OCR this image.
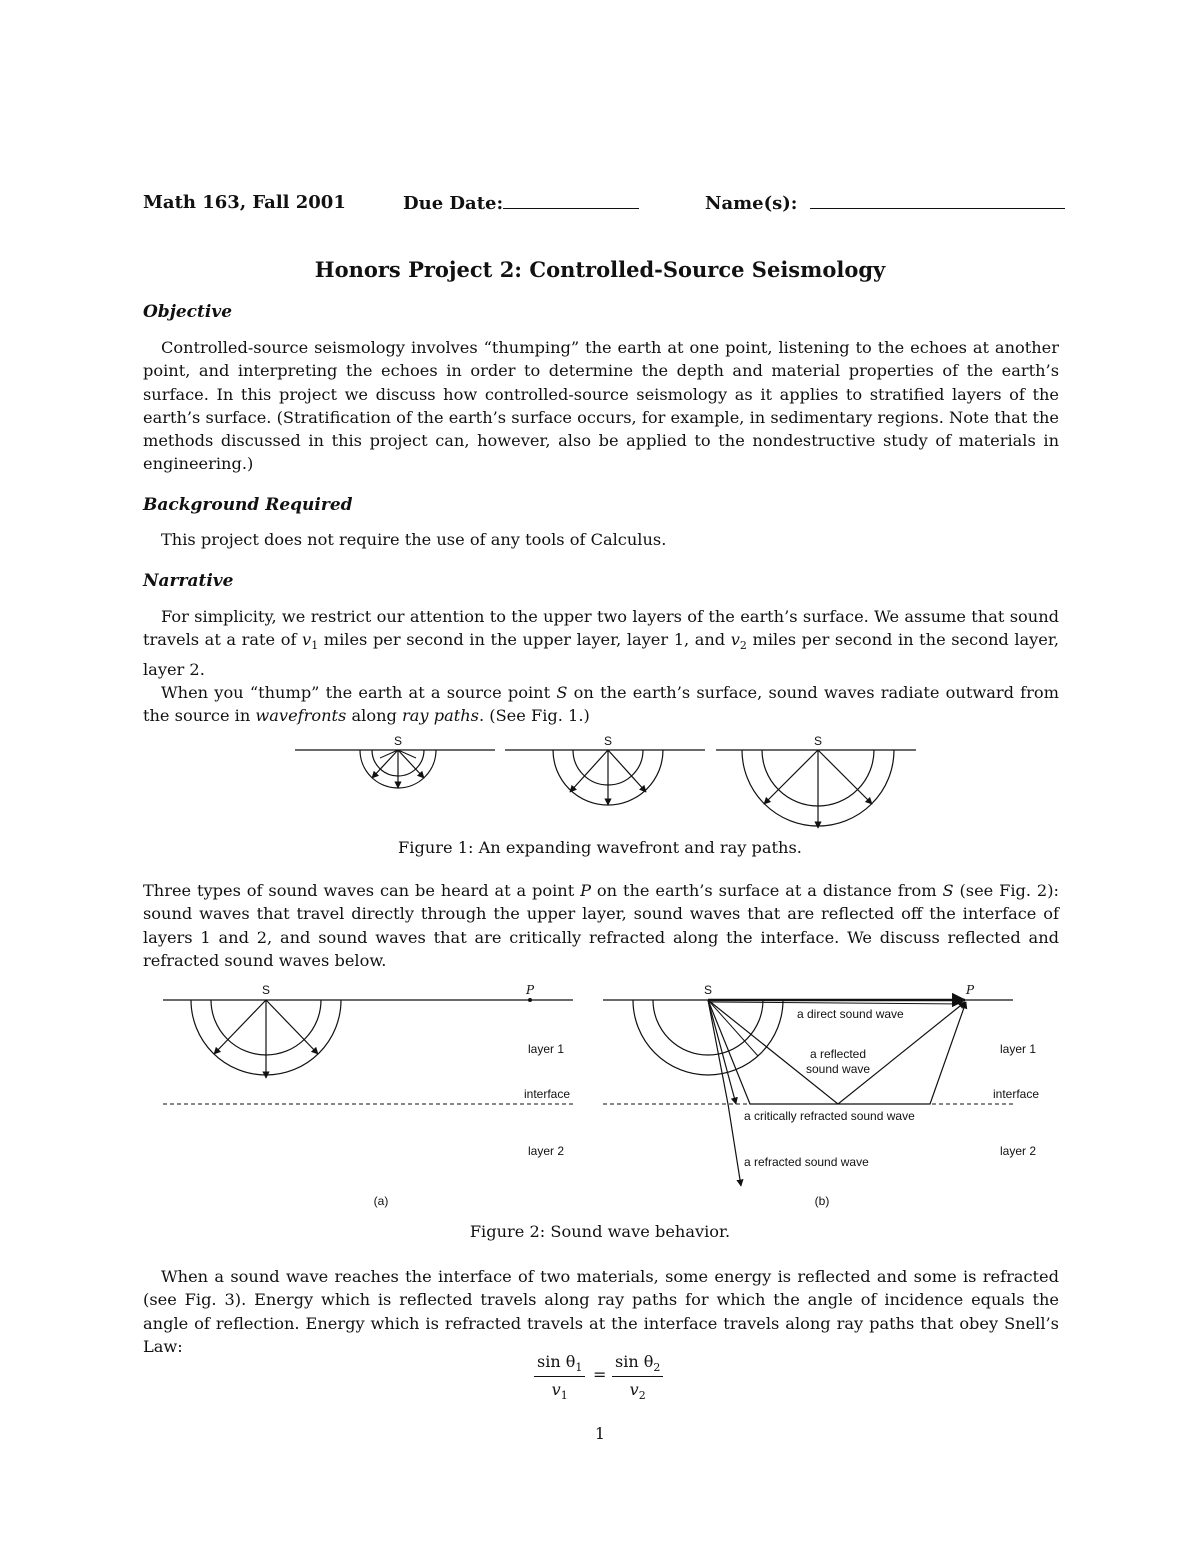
Math 163, Fall 2001	Due Date:	Name(s):
Honors Project 2: Controlled-Source Seismology
Objective

Controlled-source seismology involves “thumping” the earth at one point, listening to the echoes at another point, and interpreting the echoes in order to determine the depth and material properties of the earth’s surface. In this project we discuss how controlled-source seismology as it applies to stratified layers of the earth’s surface. (Stratification of the earth’s surface occurs, for example, in sedimentary regions. Note that the methods discussed in this project can, however, also be applied to the nondestructive study of materials in engineering.)

Background Required

This project does not require the use of any tools of Calculus.

Narrative

For simplicity, we restrict our attention to the upper two layers of the earth’s surface. We assume that sound travels at a rate of $v_1$ miles per second in the upper layer, layer 1, and $v_2$ miles per second in the second layer, layer 2.

When you “thump” the earth at a source point S on the earth’s surface, sound waves radiate outward from the source in wavefronts along ray paths. (See Fig. 1.)

S	S	S
Figure 1: An expanding wavefront and ray paths.

Three types of sound waves can be heard at a point P on the earth’s surface at a distance from S (see Fig. 2): sound waves that travel directly through the upper layer, sound waves that are reflected off the interface of layers 1 and 2, and sound waves that are critically refracted along the interface. We discuss reflected and refracted sound waves below.

S	P
layer 1
interface
layer 2
(a)
S	P
a direct sound wave
a reflected
sound wave
a critically refracted sound wave
a refracted sound wave
layer 1
interface
layer 2
(b)
Figure 2: Sound wave behavior.

When a sound wave reaches the interface of two materials, some energy is reflected and some is refracted (see Fig. 3). Energy which is reflected travels along ray paths for which the angle of incidence equals the angle of reflection. Energy which is refracted travels at the interface travels along ray paths that obey Snell’s Law:

$\frac{\sin \theta_1}{v_1} = \frac{\sin \theta_2}{v_2}$
1
